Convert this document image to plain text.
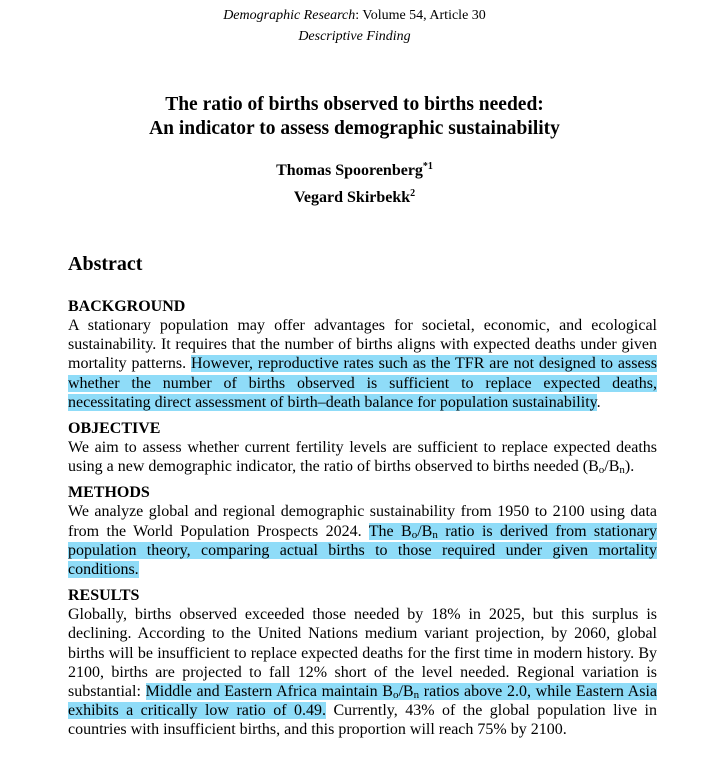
Demographic Research: Volume 54, Article 30
Descriptive Finding
The ratio of births observed to births needed:
An indicator to assess demographic sustainability
Thomas Spoorenberg$^{*1}$
Vegard Skirbekk$^2$
Abstract
BACKGROUND

A stationary population may offer advantages for societal, economic, and ecological sustainability. It requires that the number of births aligns with expected deaths under given mortality patterns. However, reproductive rates such as the TFR are not designed to assess whether the number of births observed is sufficient to replace expected deaths, necessitating direct assessment of birth–death balance for population sustainability.

OBJECTIVE

We aim to assess whether current fertility levels are sufficient to replace expected deaths using a new demographic indicator, the ratio of births observed to births needed $(B_o/B_n)$.

METHODS

We analyze global and regional demographic sustainability from 1950 to 2100 using data from the World Population Prospects 2024. The $B_o/B_n$ ratio is derived from stationary population theory, comparing actual births to those required under given mortality conditions.

RESULTS

Globally, births observed exceeded those needed by 18% in 2025, but this surplus is declining. According to the United Nations medium variant projection, by 2060, global births will be insufficient to replace expected deaths for the first time in modern history. By 2100, births are projected to fall 12% short of the level needed. Regional variation is substantial: Middle and Eastern Africa maintain $B_o/B_n$ ratios above 2.0, while Eastern Asia exhibits a critically low ratio of 0.49. Currently, 43% of the global population live in countries with insufficient births, and this proportion will reach 75% by 2100.
